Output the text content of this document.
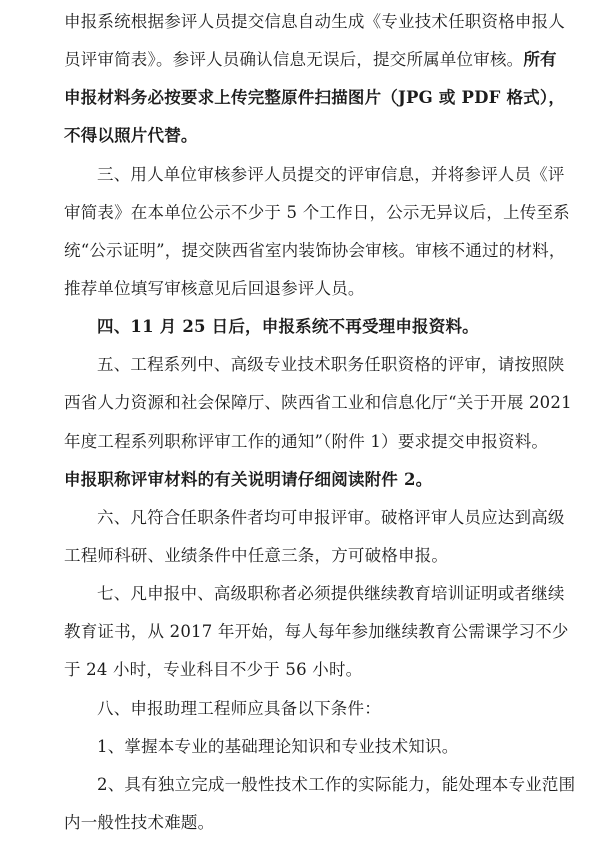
申报系统根据参评人员提交信息自动生成《专业技术任职资格申报人
员评审简表》。参评人员确认信息无误后，提交所属单位审核。所有
申报材料务必按要求上传完整原件扫描图片（JPG 或 PDF 格式），
不得以照片代替。
三、用人单位审核参评人员提交的评审信息，并将参评人员《评
审简表》在本单位公示不少于 5 个工作日，公示无异议后，上传至系
统“公示证明”，提交陕西省室内装饰协会审核。审核不通过的材料，
推荐单位填写审核意见后回退参评人员。
四、11 月 25 日后，申报系统不再受理申报资料。
五、工程系列中、高级专业技术职务任职资格的评审，请按照陕
西省人力资源和社会保障厅、陕西省工业和信息化厅“关于开展 2021
年度工程系列职称评审工作的通知”（附件 1）要求提交申报资料。
申报职称评审材料的有关说明请仔细阅读附件 2。
六、凡符合任职条件者均可申报评审。破格评审人员应达到高级
工程师科研、业绩条件中任意三条，方可破格申报。
七、凡申报中、高级职称者必须提供继续教育培训证明或者继续
教育证书，从 2017 年开始，每人每年参加继续教育公需课学习不少
于 24 小时，专业科目不少于 56 小时。
八、申报助理工程师应具备以下条件：
1、掌握本专业的基础理论知识和专业技术知识。
2、具有独立完成一般性技术工作的实际能力，能处理本专业范围
内一般性技术难题。
